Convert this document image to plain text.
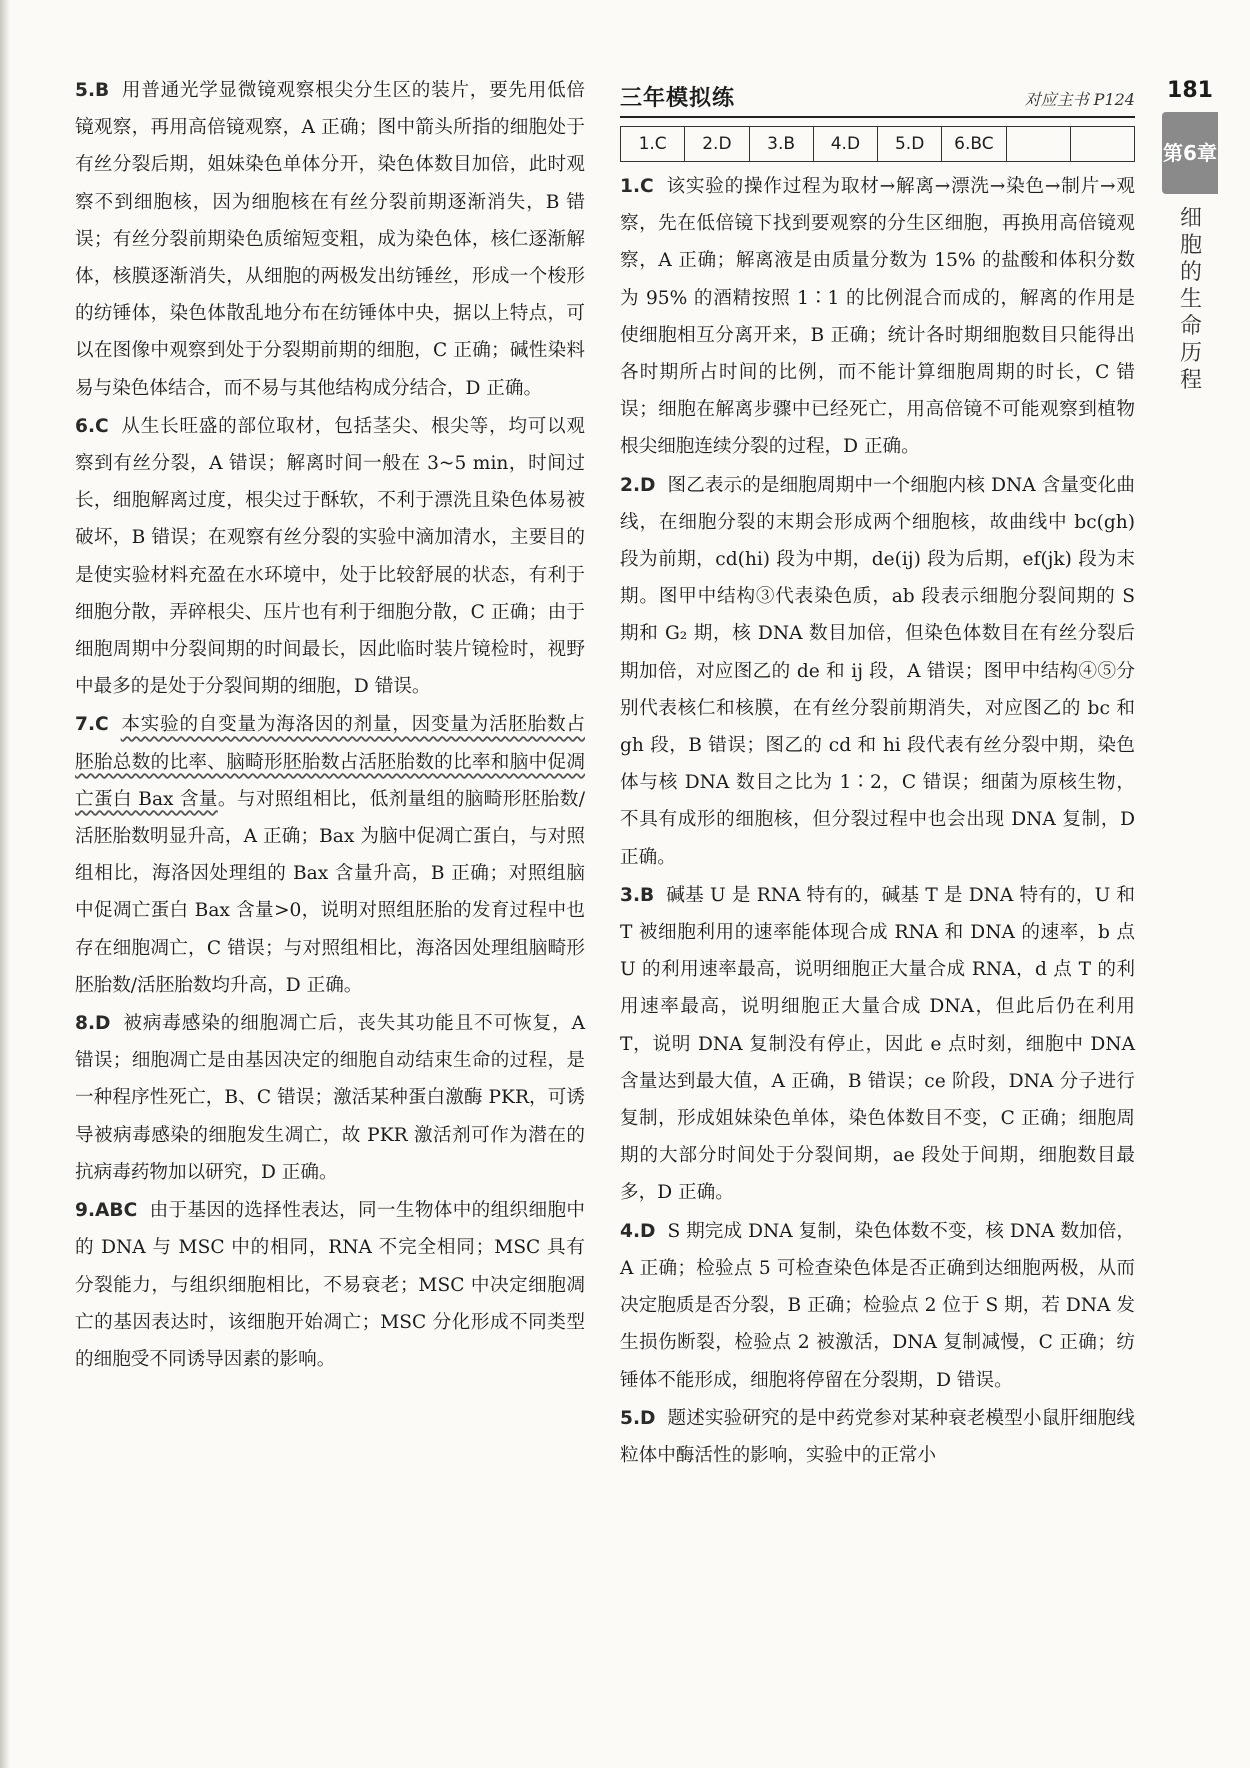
5.B 用普通光学显微镜观察根尖分生区的装片，要先用低倍镜观察，再用高倍镜观察，A 正确；图中箭头所指的细胞处于有丝分裂后期，姐妹染色单体分开，染色体数目加倍，此时观察不到细胞核，因为细胞核在有丝分裂前期逐渐消失，B 错误；有丝分裂前期染色质缩短变粗，成为染色体，核仁逐渐解体，核膜逐渐消失，从细胞的两极发出纺锤丝，形成一个梭形的纺锤体，染色体散乱地分布在纺锤体中央，据以上特点，可以在图像中观察到处于分裂期前期的细胞，C 正确；碱性染料易与染色体结合，而不易与其他结构成分结合，D 正确。

6.C 从生长旺盛的部位取材，包括茎尖、根尖等，均可以观察到有丝分裂，A 错误；解离时间一般在 3~5 min，时间过长，细胞解离过度，根尖过于酥软，不利于漂洗且染色体易被破坏，B 错误；在观察有丝分裂的实验中滴加清水，主要目的是使实验材料充盈在水环境中，处于比较舒展的状态，有利于细胞分散，弄碎根尖、压片也有利于细胞分散，C 正确；由于细胞周期中分裂间期的时间最长，因此临时装片镜检时，视野中最多的是处于分裂间期的细胞，D 错误。

7.C 本实验的自变量为海洛因的剂量，因变量为活胚胎数占胚胎总数的比率、脑畸形胚胎数占活胚胎数的比率和脑中促凋亡蛋白 Bax 含量。与对照组相比，低剂量组的脑畸形胚胎数/活胚胎数明显升高，A 正确；Bax 为脑中促凋亡蛋白，与对照组相比，海洛因处理组的 Bax 含量升高，B 正确；对照组脑中促凋亡蛋白 Bax 含量>0，说明对照组胚胎的发育过程中也存在细胞凋亡，C 错误；与对照组相比，海洛因处理组脑畸形胚胎数/活胚胎数均升高，D 正确。

8.D 被病毒感染的细胞凋亡后，丧失其功能且不可恢复，A 错误；细胞凋亡是由基因决定的细胞自动结束生命的过程，是一种程序性死亡，B、C 错误；激活某种蛋白激酶 PKR，可诱导被病毒感染的细胞发生凋亡，故 PKR 激活剂可作为潜在的抗病毒药物加以研究，D 正确。

9.ABC 由于基因的选择性表达，同一生物体中的组织细胞中的 DNA 与 MSC 中的相同，RNA 不完全相同；MSC 具有分裂能力，与组织细胞相比，不易衰老；MSC 中决定细胞凋亡的基因表达时，该细胞开始凋亡；MSC 分化形成不同类型的细胞受不同诱导因素的影响。

三年模拟练	对应主书 P124
1.C	2.D	3.B	4.D	5.D	6.BC

1.C 该实验的操作过程为取材→解离→漂洗→染色→制片→观察，先在低倍镜下找到要观察的分生区细胞，再换用高倍镜观察，A 正确；解离液是由质量分数为 15% 的盐酸和体积分数为 95% 的酒精按照 1∶1 的比例混合而成的，解离的作用是使细胞相互分离开来，B 正确；统计各时期细胞数目只能得出各时期所占时间的比例，而不能计算细胞周期的时长，C 错误；细胞在解离步骤中已经死亡，用高倍镜不可能观察到植物根尖细胞连续分裂的过程，D 正确。

2.D 图乙表示的是细胞周期中一个细胞内核 DNA 含量变化曲线，在细胞分裂的末期会形成两个细胞核，故曲线中 bc(gh) 段为前期，cd(hi) 段为中期，de(ij) 段为后期，ef(jk) 段为末期。图甲中结构③代表染色质，ab 段表示细胞分裂间期的 S 期和 G₂ 期，核 DNA 数目加倍，但染色体数目在有丝分裂后期加倍，对应图乙的 de 和 ij 段，A 错误；图甲中结构④⑤分别代表核仁和核膜，在有丝分裂前期消失，对应图乙的 bc 和 gh 段，B 错误；图乙的 cd 和 hi 段代表有丝分裂中期，染色体与核 DNA 数目之比为 1∶2，C 错误；细菌为原核生物，不具有成形的细胞核，但分裂过程中也会出现 DNA 复制，D 正确。

3.B 碱基 U 是 RNA 特有的，碱基 T 是 DNA 特有的，U 和 T 被细胞利用的速率能体现合成 RNA 和 DNA 的速率，b 点 U 的利用速率最高，说明细胞正大量合成 RNA，d 点 T 的利用速率最高，说明细胞正大量合成 DNA，但此后仍在利用 T，说明 DNA 复制没有停止，因此 e 点时刻，细胞中 DNA 含量达到最大值，A 正确，B 错误；ce 阶段，DNA 分子进行复制，形成姐妹染色单体，染色体数目不变，C 正确；细胞周期的大部分时间处于分裂间期，ae 段处于间期，细胞数目最多，D 正确。

4.D S 期完成 DNA 复制，染色体数不变，核 DNA 数加倍，A 正确；检验点 5 可检查染色体是否正确到达细胞两极，从而决定胞质是否分裂，B 正确；检验点 2 位于 S 期，若 DNA 发生损伤断裂，检验点 2 被激活，DNA 复制减慢，C 正确；纺锤体不能形成，细胞将停留在分裂期，D 错误。

5.D 题述实验研究的是中药党参对某种衰老模型小鼠肝细胞线粒体中酶活性的影响，实验中的正常小

181
第6章
细胞的生命历程
